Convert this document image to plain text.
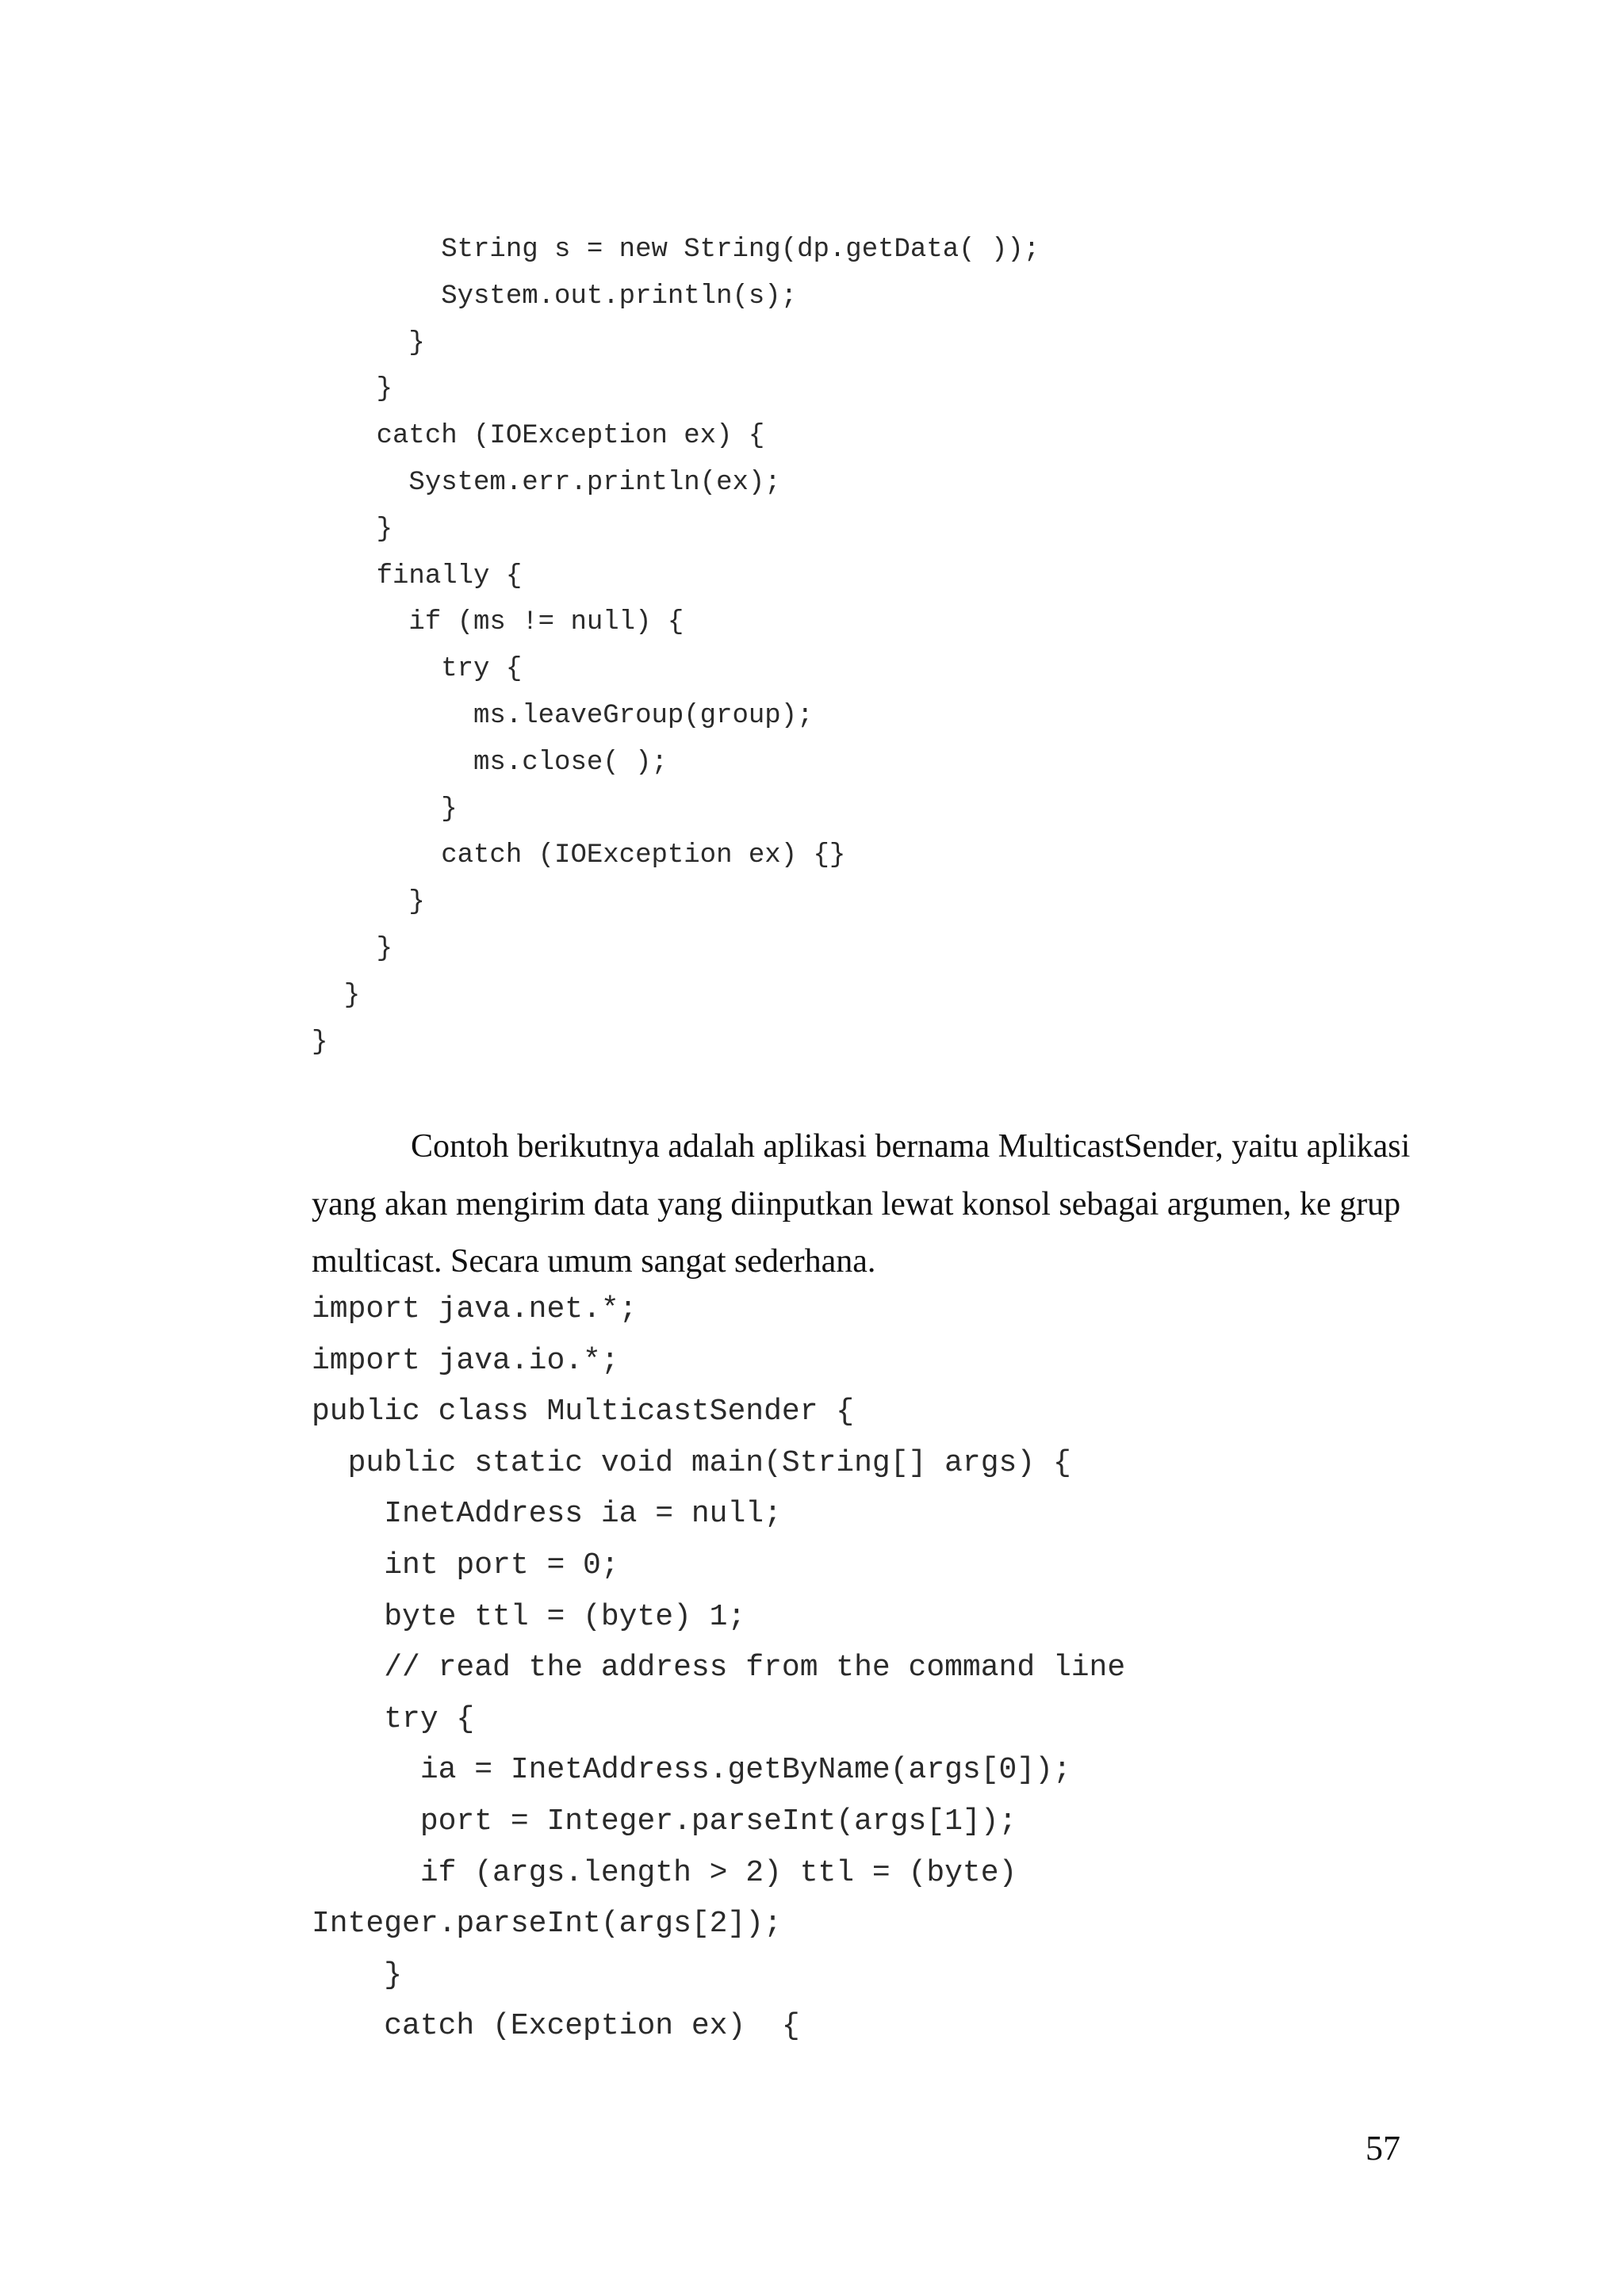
String s = new String(dp.getData( ));
System.out.println(s);
}
}
catch (IOException ex) {
System.err.println(ex);
}
finally {
if (ms != null) {
try {
ms.leaveGroup(group);
ms.close( );
}
catch (IOException ex) {}
}
}
}
}

Contoh berikutnya adalah aplikasi bernama MulticastSender, yaitu aplikasi
yang akan mengirim data yang diinputkan lewat konsol sebagai argumen, ke grup
multicast. Secara umum sangat sederhana.

import java.net.*;
import java.io.*;
public class MulticastSender {
public static void main(String[] args) {
InetAddress ia = null;
int port = 0;
byte ttl = (byte) 1;
// read the address from the command line
try {
ia = InetAddress.getByName(args[0]);
port = Integer.parseInt(args[1]);
if (args.length > 2) ttl = (byte)
Integer.parseInt(args[2]);
}
catch (Exception ex)  {
57
